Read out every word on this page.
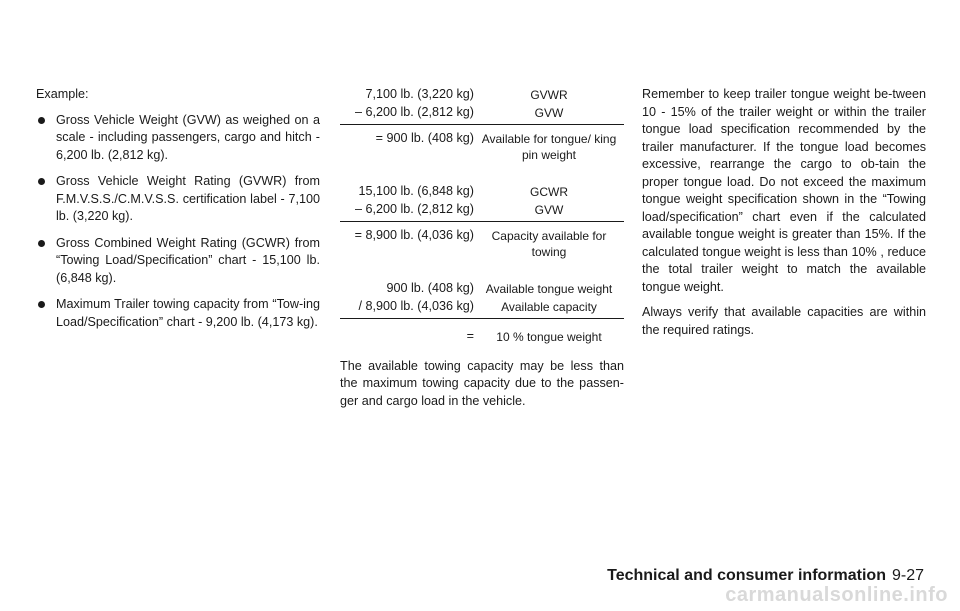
Example:

Gross Vehicle Weight (GVW) as weighed on a scale - including passengers, cargo and hitch - 6,200 lb. (2,812 kg).
Gross Vehicle Weight Rating (GVWR) from F.M.V.S.S./C.M.V.S.S. certification label - 7,100 lb. (3,220 kg).
Gross Combined Weight Rating (GCWR) from “Towing Load/Specification” chart - 15,100 lb. (6,848 kg).
Maximum Trailer towing capacity from “Tow-ing Load/Specification” chart - 9,200 lb. (4,173 kg).
7,100 lb. (3,220 kg)	GVWR
– 6,200 lb. (2,812 kg)	GVW
= 900 lb. (408 kg) Available for tongue/ king pin weight
15,100 lb. (6,848 kg)	GCWR
– 6,200 lb. (2,812 kg)	GVW
= 8,900 lb. (4,036 kg)	Capacity available for towing
900 lb. (408 kg) Available tongue weight
/ 8,900 lb. (4,036 kg)	Available capacity
=	10 % tongue weight

The available towing capacity may be less than the maximum towing capacity due to the passen-ger and cargo load in the vehicle.

Remember to keep trailer tongue weight be-tween 10 - 15% of the trailer weight or within the trailer tongue load specification recommended by the trailer manufacturer. If the tongue load becomes excessive, rearrange the cargo to ob-tain the proper tongue load. Do not exceed the maximum tongue weight specification shown in the “Towing load/specification” chart even if the calculated available tongue weight is greater than 15%. If the calculated tongue weight is less than 10% , reduce the total trailer weight to match the available tongue weight.

Always verify that available capacities are within the required ratings.

Technical and consumer information 9-27
carmanualsonline.info
